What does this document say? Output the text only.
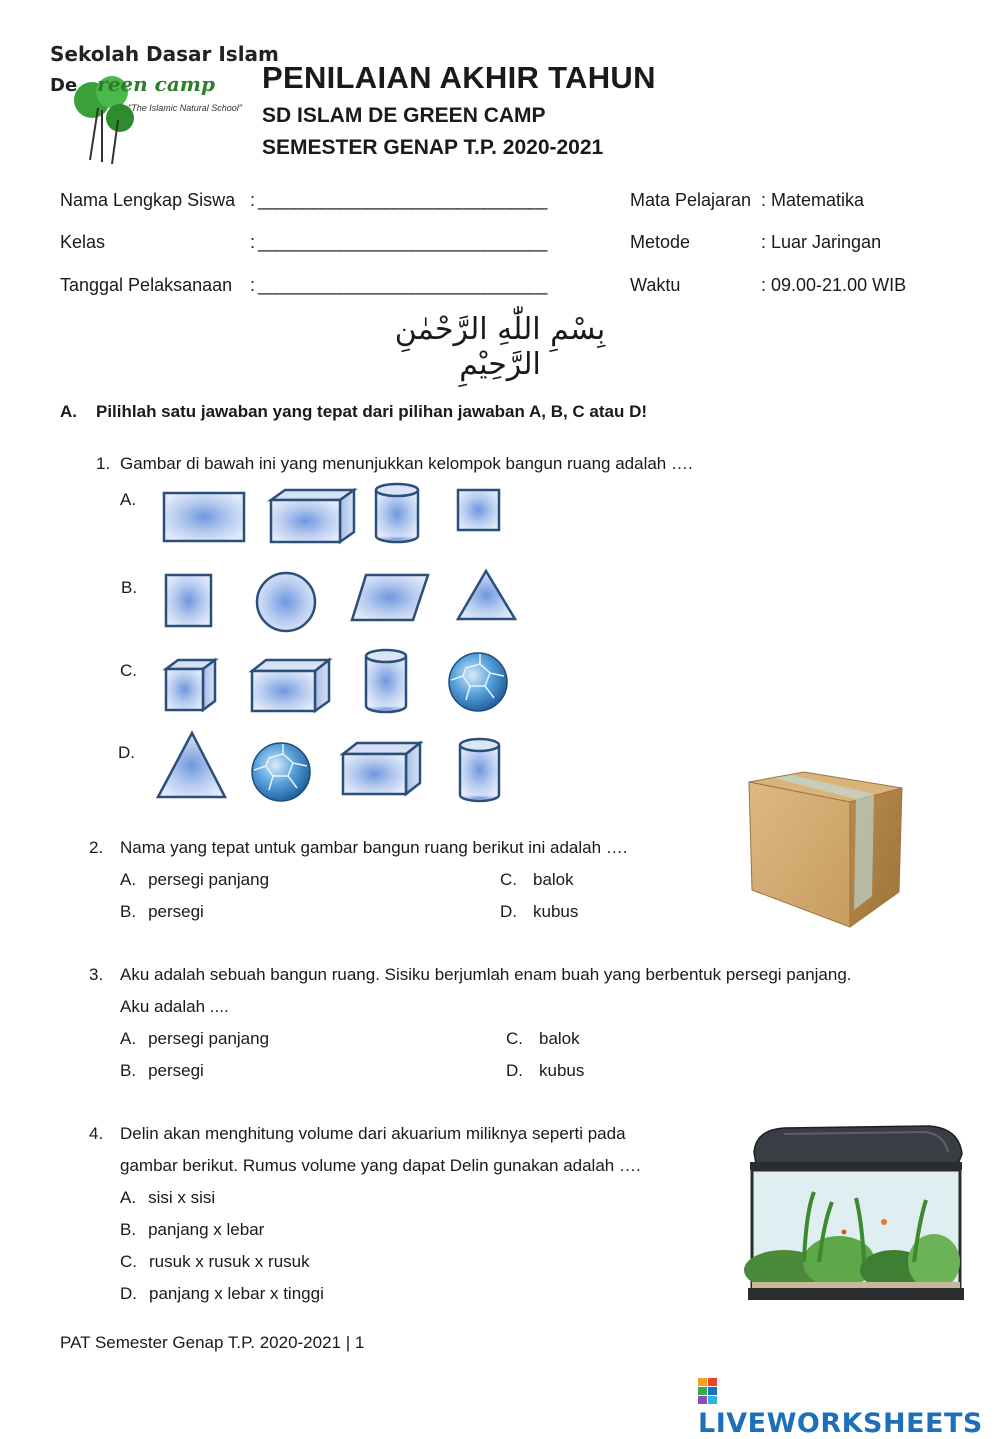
Sekolah Dasar Islam
De reen camp
"The Islamic Natural School"
PENILAIAN AKHIR TAHUN
SD ISLAM DE GREEN CAMP
SEMESTER GENAP T.P. 2020-2021
Nama Lengkap Siswa : ________________________________
Kelas	: ________________________________
Tanggal Pelaksanaan : ________________________________
Mata Pelajaran : Matematika
Metode	: Luar Jaringan
Waktu	: 09.00-21.00 WIB
بِسْمِ اللّٰهِ الرَّحْمٰنِ الرَّحِيْمِ
A. Pilihlah satu jawaban yang tepat dari pilihan jawaban A, B, C atau D!
1. Gambar di bawah ini yang menunjukkan kelompok bangun ruang adalah ….
A.
B.
C.
D.
2. Nama yang tepat untuk gambar bangun ruang berikut ini adalah ….
A. persegi panjang
B. persegi
C. balok
D. kubus
3. Aku adalah sebuah bangun ruang. Sisiku berjumlah enam buah yang berbentuk persegi panjang.
Aku adalah ....
A. persegi panjang
B. persegi
C. balok
D. kubus
4. Delin akan menghitung volume dari akuarium miliknya seperti pada
gambar berikut. Rumus volume yang dapat Delin gunakan adalah ….
A. sisi x sisi
B. panjang x lebar
C. rusuk x rusuk x rusuk
D. panjang x lebar x tinggi
PAT Semester Genap T.P. 2020-2021 | 1
LIVEWORKSHEETS
